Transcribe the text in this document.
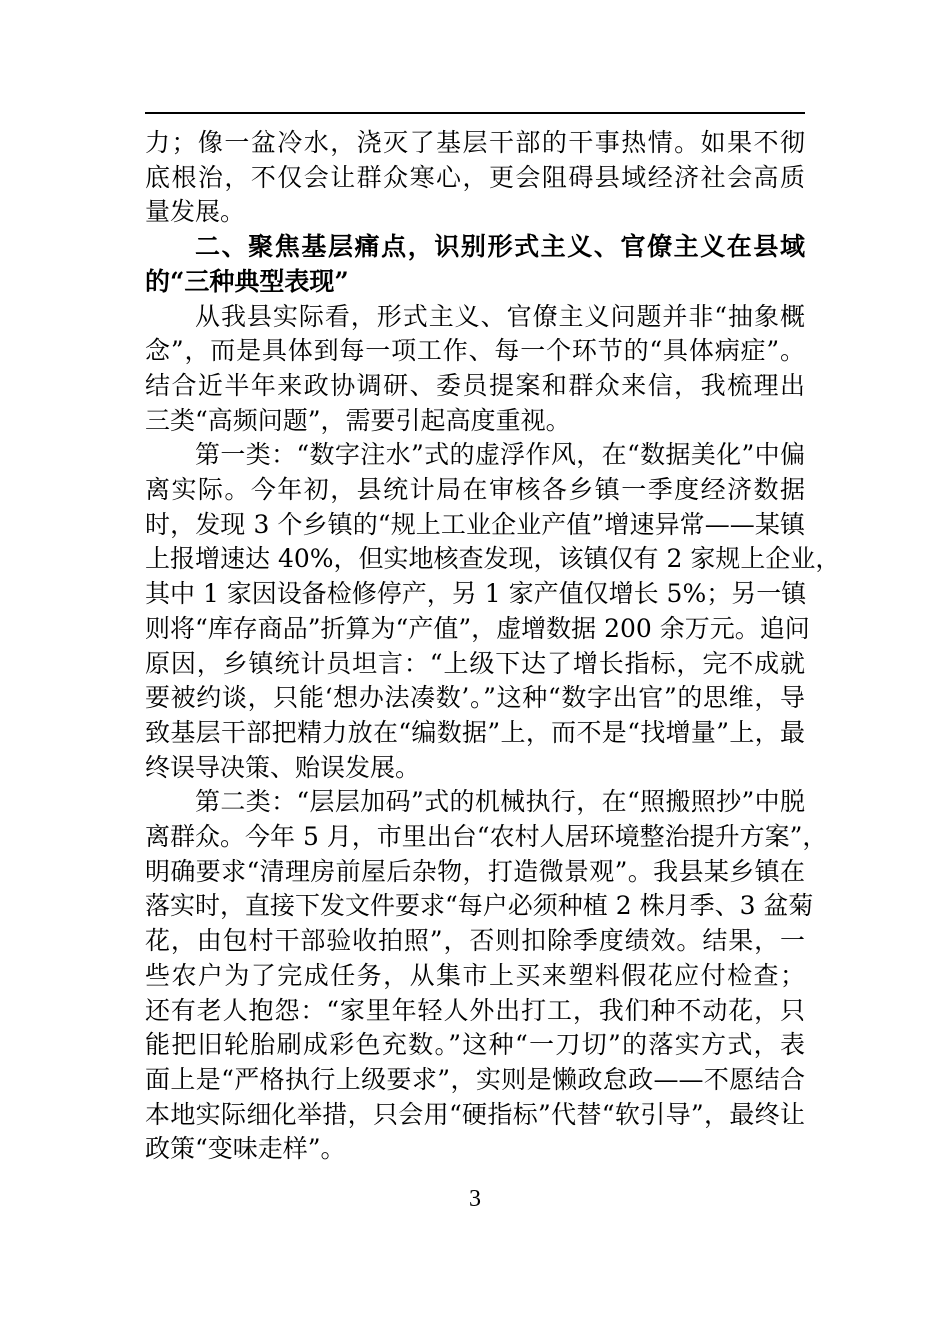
力；像一盆冷水，浇灭了基层干部的干事热情。如果不彻
底根治，不仅会让群众寒心，更会阻碍县域经济社会高质
量发展。
二、聚焦基层痛点，识别形式主义、官僚主义在县域
的“三种典型表现”
从我县实际看，形式主义、官僚主义问题并非“抽象概
念”，而是具体到每一项工作、每一个环节的“具体病症”。
结合近半年来政协调研、委员提案和群众来信，我梳理出
三类“高频问题”，需要引起高度重视。
第一类：“数字注水”式的虚浮作风，在“数据美化”中偏
离实际。今年初，县统计局在审核各乡镇一季度经济数据
时，发现 3 个乡镇的“规上工业企业产值”增速异常——某镇
上报增速达 40%，但实地核查发现，该镇仅有 2 家规上企业，
其中 1 家因设备检修停产，另 1 家产值仅增长 5%；另一镇
则将“库存商品”折算为“产值”，虚增数据 200 余万元。追问
原因，乡镇统计员坦言：“上级下达了增长指标，完不成就
要被约谈，只能‘想办法凑数’。”这种“数字出官”的思维，导
致基层干部把精力放在“编数据”上，而不是“找增量”上，最
终误导决策、贻误发展。
第二类：“层层加码”式的机械执行，在“照搬照抄”中脱
离群众。今年 5 月，市里出台“农村人居环境整治提升方案”，
明确要求“清理房前屋后杂物，打造微景观”。我县某乡镇在
落实时，直接下发文件要求“每户必须种植 2 株月季、3 盆菊
花，由包村干部验收拍照”，否则扣除季度绩效。结果，一
些农户为了完成任务，从集市上买来塑料假花应付检查；
还有老人抱怨：“家里年轻人外出打工，我们种不动花，只
能把旧轮胎刷成彩色充数。”这种“一刀切”的落实方式，表
面上是“严格执行上级要求”，实则是懒政怠政——不愿结合
本地实际细化举措，只会用“硬指标”代替“软引导”，最终让
政策“变味走样”。
3
